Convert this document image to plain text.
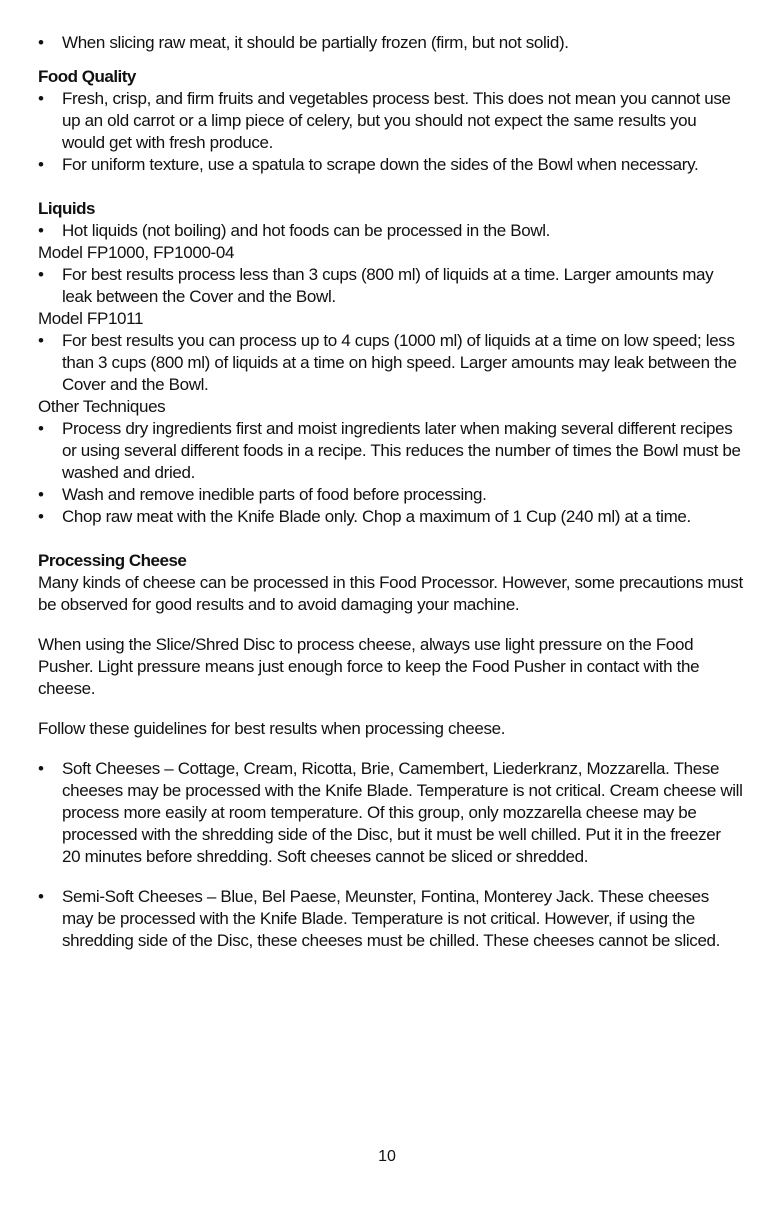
•	When slicing raw meat, it should be partially frozen (firm, but not solid).

Food Quality

•	Fresh, crisp, and firm fruits and vegetables process best. This does not mean you cannot use up an old carrot or a limp piece of celery, but you should not expect the same results you would get with fresh produce.

•	For uniform texture, use a spatula to scrape down the sides of the Bowl when necessary.

Liquids

•	Hot liquids (not boiling) and hot foods can be processed in the Bowl.

Model FP1000, FP1000-04

•	For best results process less than 3 cups (800 ml) of liquids at a time. Larger amounts may leak between the Cover and the Bowl.

Model FP1011

•	For best results you can process up to 4 cups (1000 ml) of liquids at a time on low speed; less than 3 cups (800 ml) of liquids at a time on high speed. Larger amounts may leak between the Cover and the Bowl.

Other Techniques

•	Process dry ingredients first and moist ingredients later when making several different recipes or using several different foods in a recipe. This reduces the number of times the Bowl must be washed and dried.

•	Wash and remove inedible parts of food before processing.

•	Chop raw meat with the Knife Blade only. Chop a maximum of 1 Cup (240 ml) at a time.

Processing Cheese

Many kinds of cheese can be processed in this Food Processor. However, some precautions must be observed for good results and to avoid damaging your machine.

When using the Slice/Shred Disc to process cheese, always use light pressure on the Food Pusher. Light pressure means just enough force to keep the Food Pusher in contact with the cheese.

Follow these guidelines for best results when processing cheese.

•	Soft Cheeses – Cottage, Cream, Ricotta, Brie, Camembert, Liederkranz, Mozzarella. These cheeses may be processed with the Knife Blade. Temperature is not critical. Cream cheese will process more easily at room temperature. Of this group, only mozzarella cheese may be processed with the shredding side of the Disc, but it must be well chilled. Put it in the freezer 20 minutes before shredding. Soft cheeses cannot be sliced or shredded.

•	Semi-Soft Cheeses – Blue, Bel Paese, Meunster, Fontina, Monterey Jack. These cheeses may be processed with the Knife Blade. Temperature is not critical. However, if using the shredding side of the Disc, these cheeses must be chilled. These cheeses cannot be sliced.

10
